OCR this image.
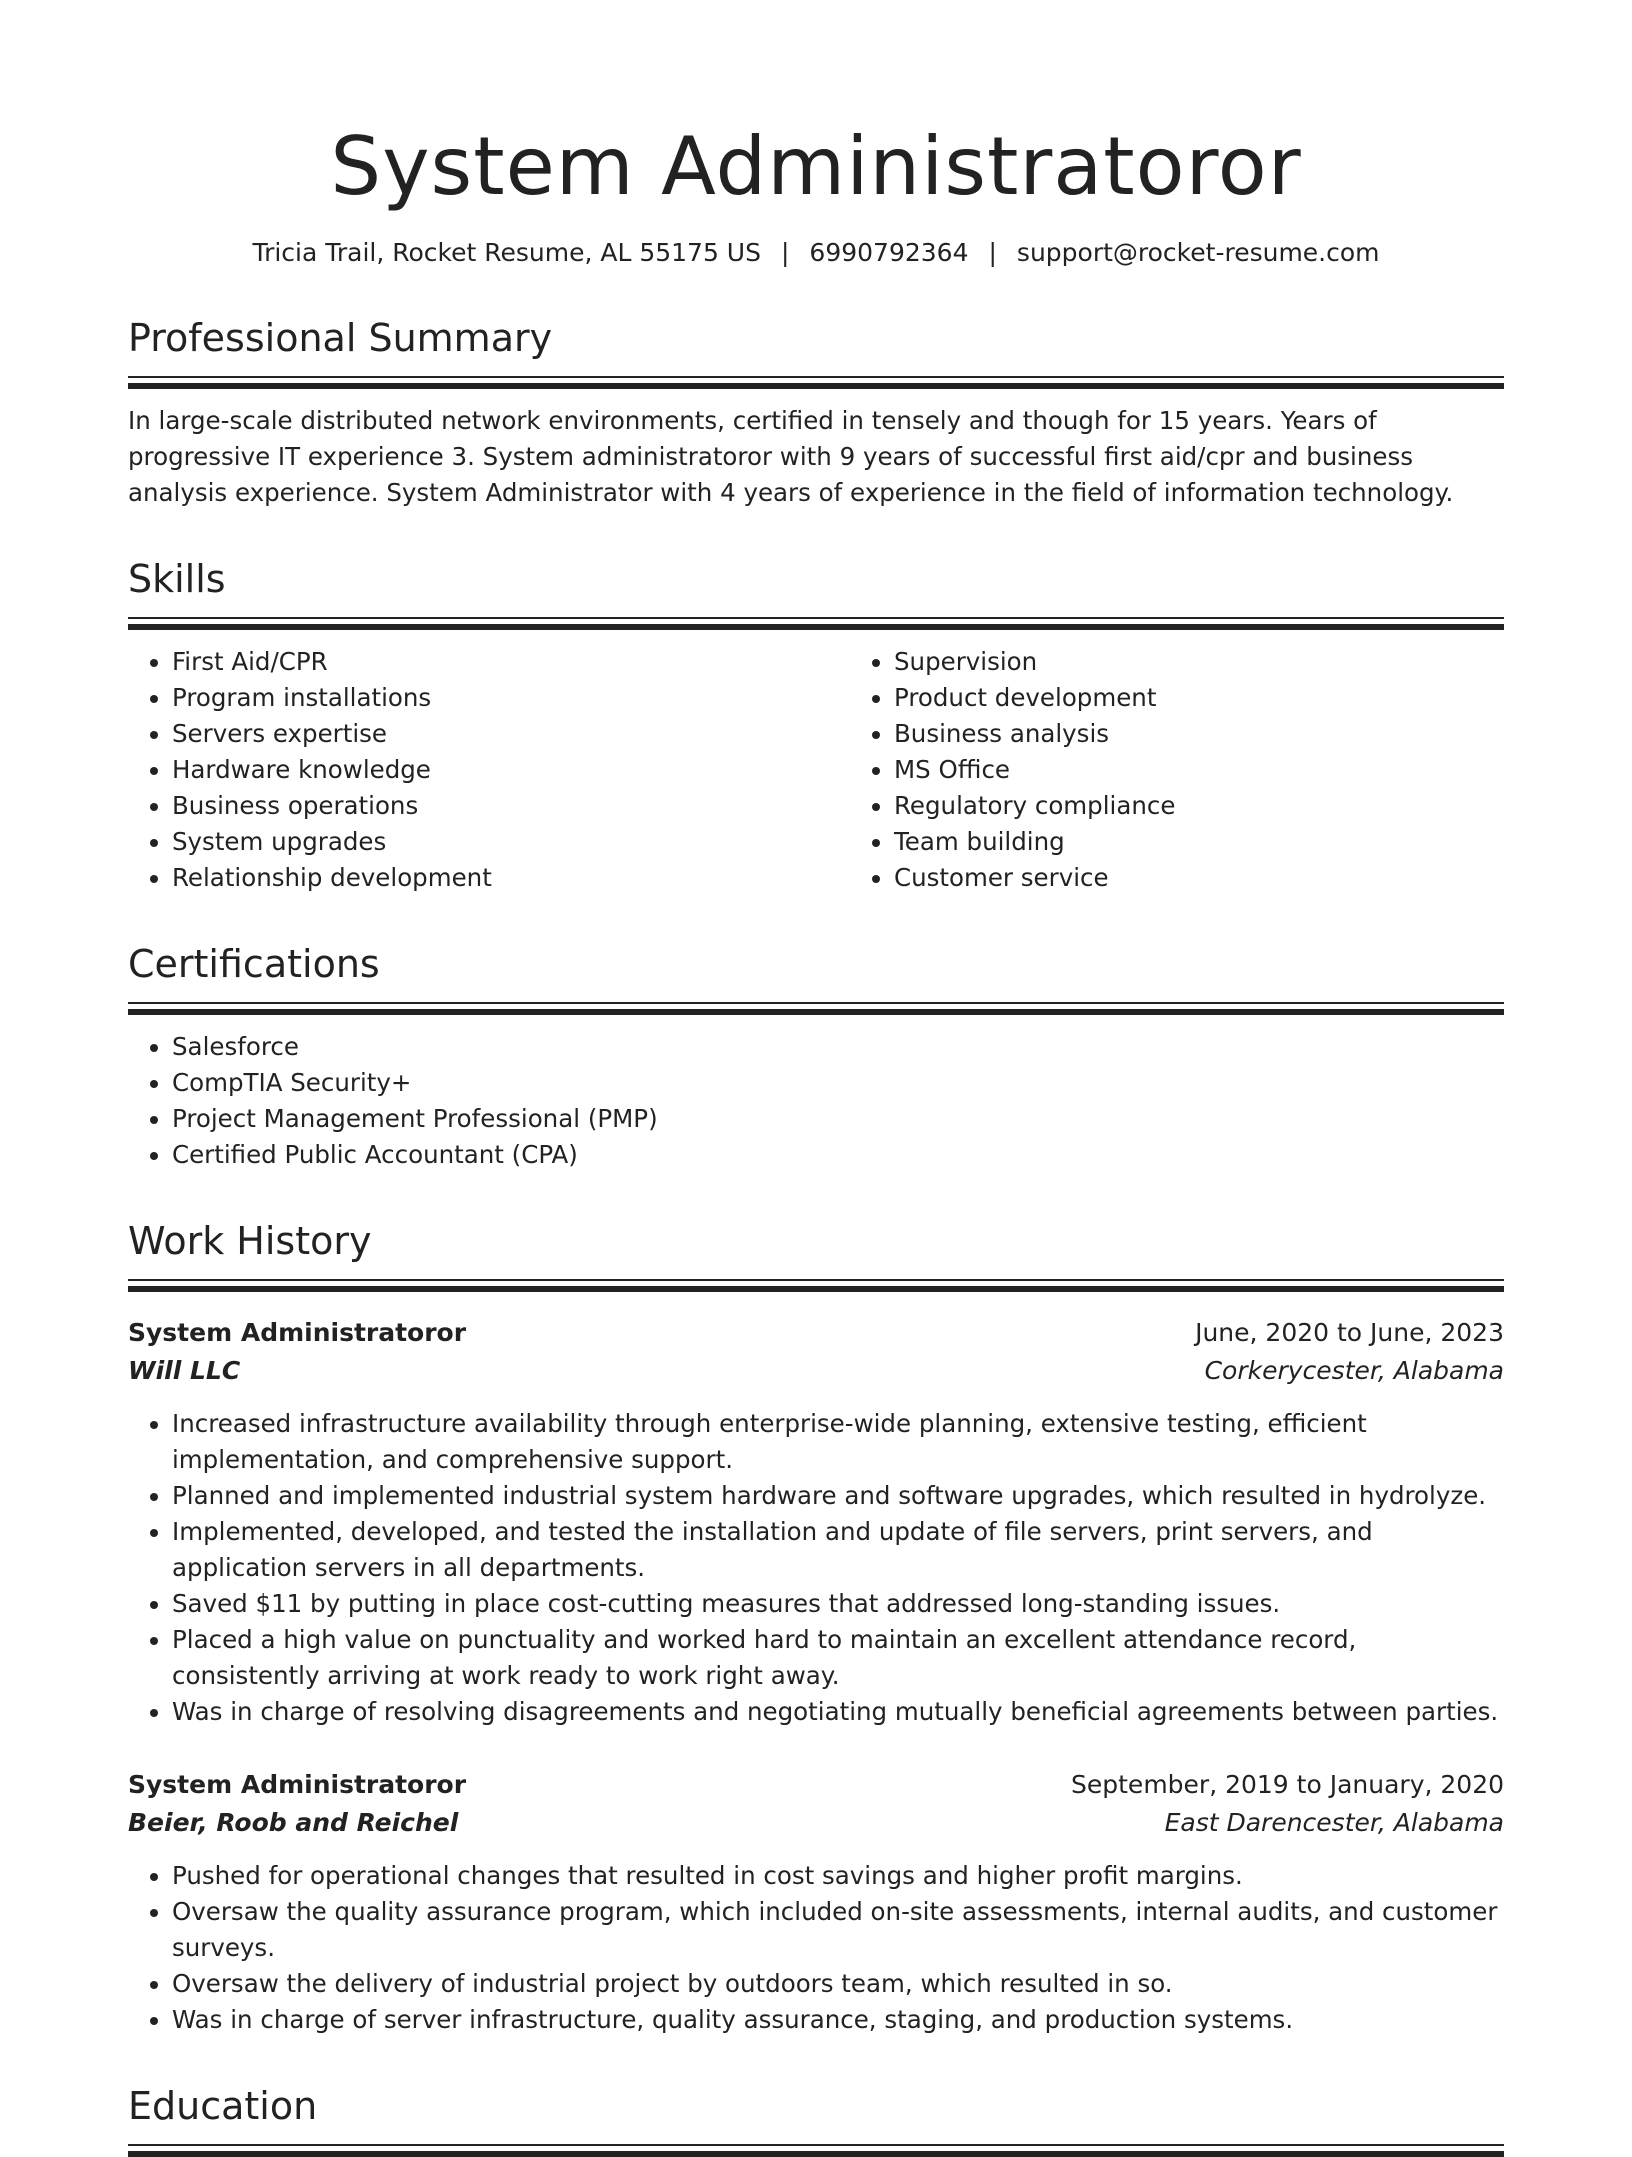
System Administratoror
Tricia Trail, Rocket Resume, AL 55175 US | 6990792364 | support@rocket-resume.com
Professional Summary
In large-scale distributed network environments, certified in tensely and though for 15 years. Years of progressive IT experience 3. System administratoror with 9 years of successful first aid/cpr and business analysis experience. System Administrator with 4 years of experience in the field of information technology.
Skills
• First Aid/CPR
• Program installations
• Servers expertise
• Hardware knowledge
• Business operations
• System upgrades
• Relationship development
• Supervision
• Product development
• Business analysis
• MS Office
• Regulatory compliance
• Team building
• Customer service
Certifications
• Salesforce
• CompTIA Security+
• Project Management Professional (PMP)
• Certified Public Accountant (CPA)
Work History
System Administratoror	June, 2020 to June, 2023
Will LLC	Corkerycester, Alabama
• Increased infrastructure availability through enterprise-wide planning, extensive testing, efficient implementation, and comprehensive support.
• Planned and implemented industrial system hardware and software upgrades, which resulted in hydrolyze.
• Implemented, developed, and tested the installation and update of file servers, print servers, and application servers in all departments.
• Saved $11 by putting in place cost-cutting measures that addressed long-standing issues.
• Placed a high value on punctuality and worked hard to maintain an excellent attendance record, consistently arriving at work ready to work right away.
• Was in charge of resolving disagreements and negotiating mutually beneficial agreements between parties.
System Administratoror	September, 2019 to January, 2020
Beier, Roob and Reichel	East Darencester, Alabama
• Pushed for operational changes that resulted in cost savings and higher profit margins.
• Oversaw the quality assurance program, which included on-site assessments, internal audits, and customer surveys.
• Oversaw the delivery of industrial project by outdoors team, which resulted in so.
• Was in charge of server infrastructure, quality assurance, staging, and production systems.
Education
